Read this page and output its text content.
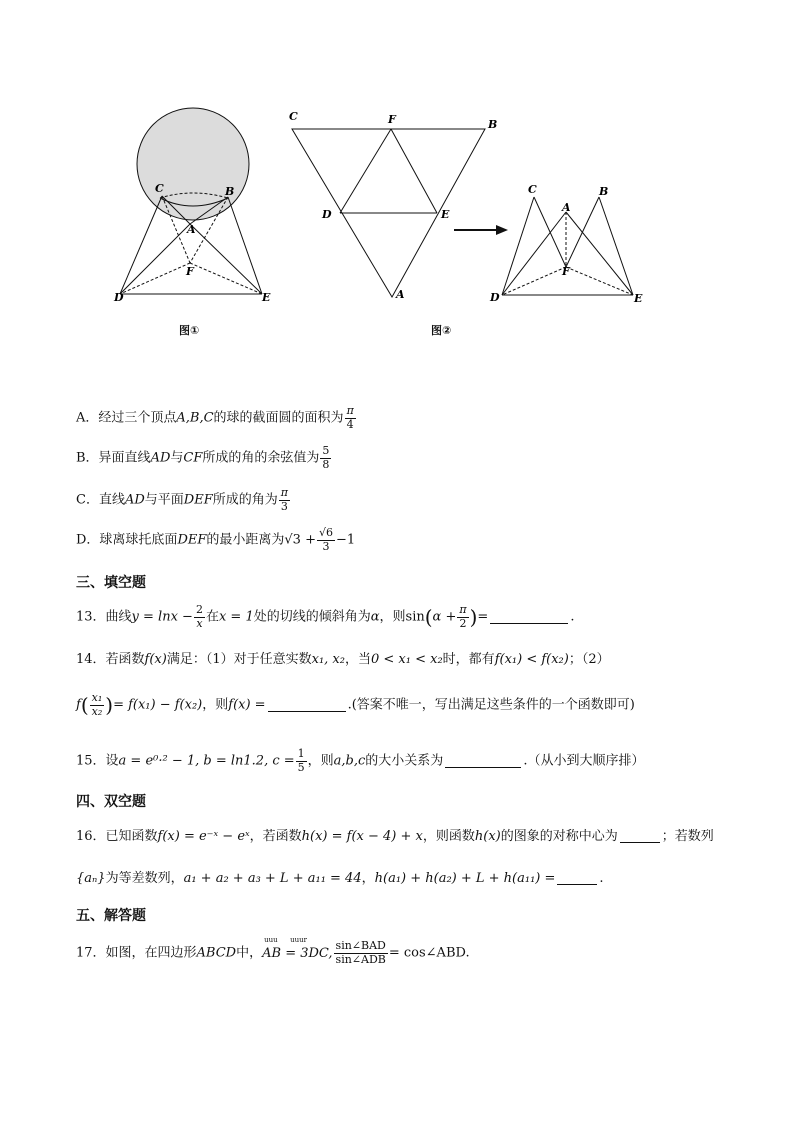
C	B
A
F
D	E
图①
C	F	B
D	E
A
图②
C
A
B
F
D	E
A．经过三个顶点A,B,C的球的截面圆的面积为 $\frac{\pi}{4}$
B．异面直线AD与CF所成的角的余弦值为 $\frac{5}{8}$
C．直线AD与平面DEF所成的角为 $\frac{\pi}{3}$
D．球离球托底面DEF的最小距离为$√3 + \frac{√6}{3} -1$
三、填空题
13．曲线$y = \ln x - \frac{2}{x}$ 在x = 1处的切线的倾斜角为α，则$\sin(\alpha + \frac{\pi}{2}$ )=	.
14．若函数f(x)满足：（1）对于任意实数x₁, x₂，当0 < x₁ < x₂时，都有f(x₁) < f(x₂)；（2）
$f( \frac{\text{x₁}}{\text{x₂}}$ )= f(x₁) − f(x₂)，则f(x) =	.(答案不唯一，写出满足这些条件的一个函数即可)
15．设a = e⁰·² − 1, b = ln1.2, $c = \frac{1}{5}$ ，则a,b,c的大小关系为	.（从小到大顺序排）
四、双空题
16．已知函数f(x) = e⁻ˣ − eˣ，若函数h(x) = f(x − 4) + x，则函数h(x)的图象的对称中心为	；若数列
{aₙ}为等差数列，a₁ + a₂ + a₃ + L + a₁₁ = 44，h(a₁) + h(a₂) + L + h(a₁₁) =	.
五、解答题
17．如图，在四边形ABCD中，
uuu uuur
AB = 3DC, $\frac{\text{sin∠BAD}}{\text{sin∠ADB}}$ = cos∠ABD.
